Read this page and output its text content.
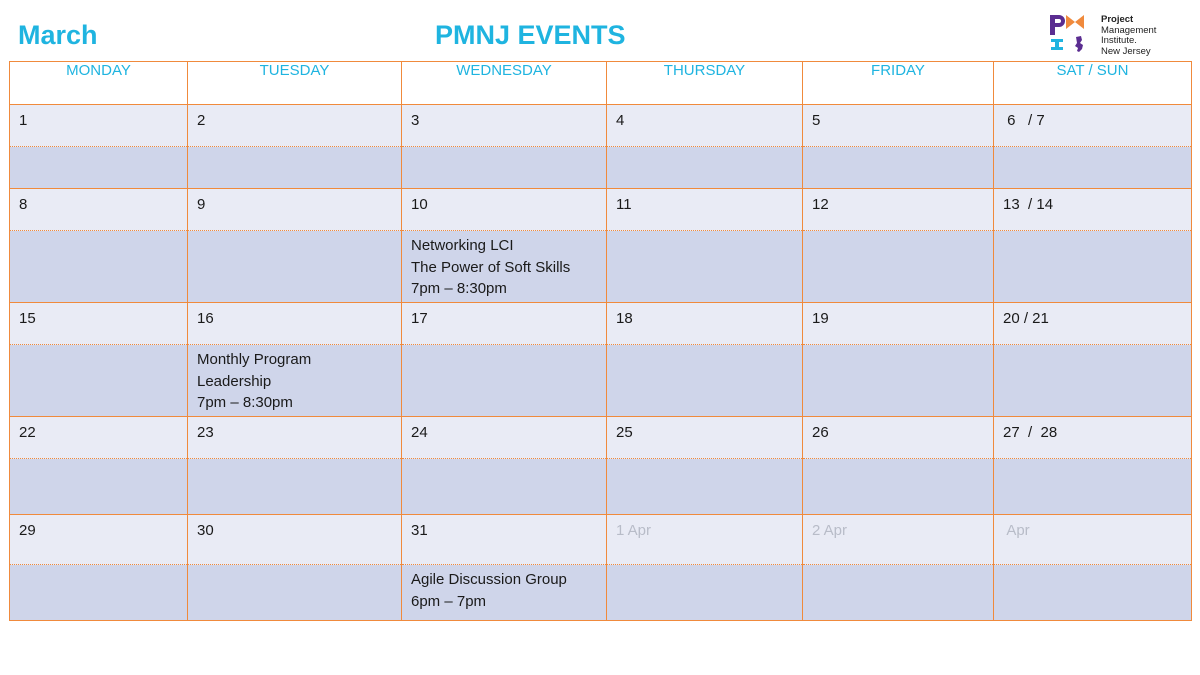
March	PMNJ EVENTS
Project
Management
Institute.
New Jersey
MONDAY	TUESDAY	WEDNESDAY	THURSDAY	FRIDAY	SAT / SUN
1	2	3	4	5	6   / 7

8	9	10	11	12	13  / 14

		Networking LCI
The Power of Soft Skills
7pm – 8:30pm			

15	16	17	18	19	20 / 21

	Monthly Program
Leadership
7pm – 8:30pm				

22	23	24	25	26	27  /  28

29	30	31	1 Apr	2 Apr	Apr

		Agile Discussion Group
6pm – 7pm			
